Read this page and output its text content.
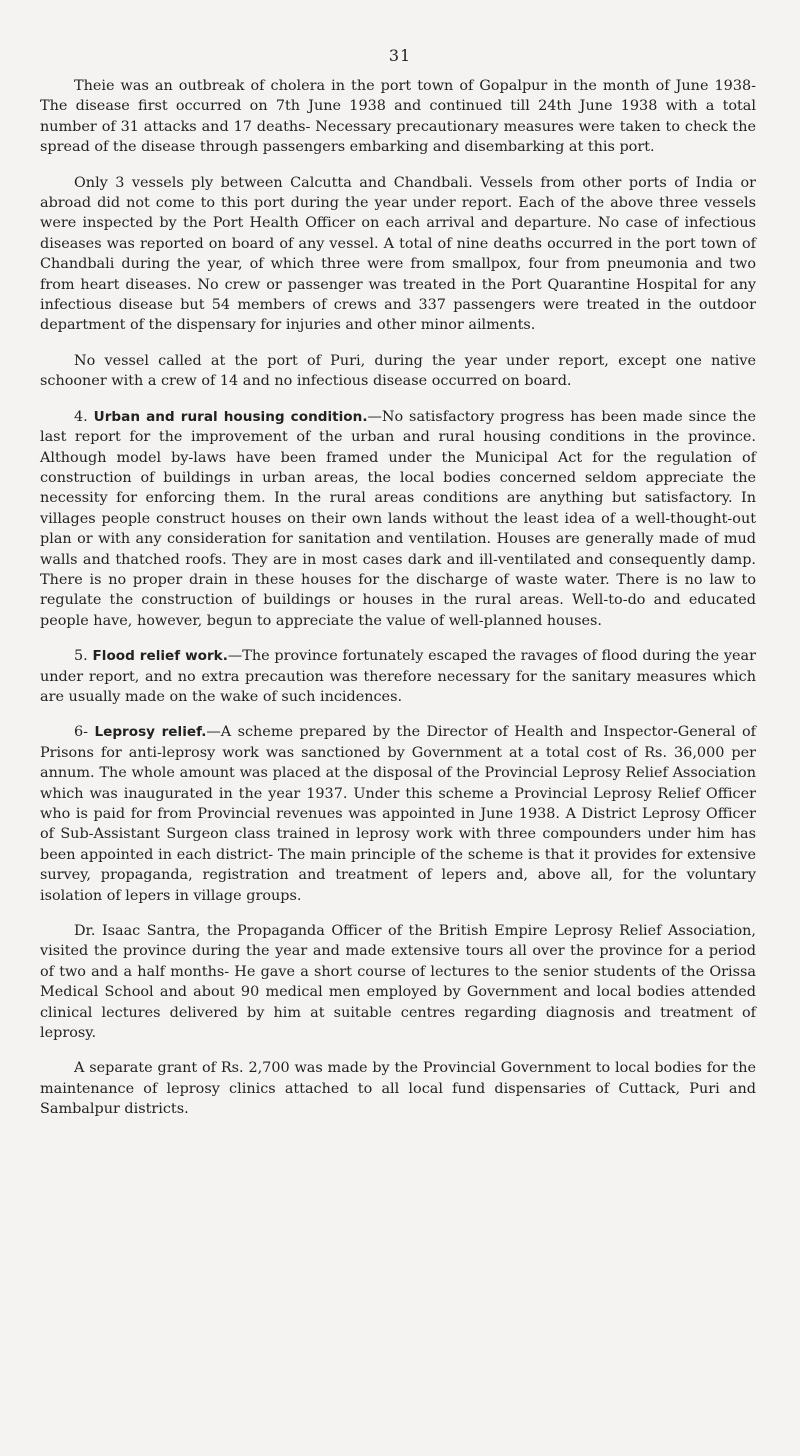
31

Theie was an outbreak of cholera in the port town of Gopalpur in the month of June 1938- The disease first occurred on 7th June 1938 and continued till 24th June 1938 with a total number of 31 attacks and 17 deaths- Necessary precautionary measures were taken to check the spread of the disease through passengers embarking and disembarking at this port.

Only 3 vessels ply between Calcutta and Chandbali. Vessels from other ports of India or abroad did not come to this port during the year under report. Each of the above three vessels were inspected by the Port Health Officer on each arrival and departure. No case of infectious diseases was reported on board of any vessel. A total of nine deaths occurred in the port town of Chandbali during the year, of which three were from smallpox, four from pneumonia and two from heart diseases. No crew or passenger was treated in the Port Quarantine Hospital for any infectious disease but 54 members of crews and 337 passengers were treated in the outdoor department of the dispensary for injuries and other minor ailments.

No vessel called at the port of Puri, during the year under report, except one native schooner with a crew of 14 and no infectious disease occurred on board.

4. Urban and rural housing condition.—No satisfactory progress has been made since the last report for the improvement of the urban and rural housing conditions in the province. Although model by-laws have been framed under the Municipal Act for the regulation of construction of buildings in urban areas, the local bodies concerned seldom appreciate the necessity for enforcing them. In the rural areas conditions are anything but satisfactory. In villages people construct houses on their own lands without the least idea of a well-thought-out plan or with any consideration for sanitation and ventilation. Houses are generally made of mud walls and thatched roofs. They are in most cases dark and ill-ventilated and consequently damp. There is no proper drain in these houses for the discharge of waste water. There is no law to regulate the construction of buildings or houses in the rural areas. Well-to-do and educated people have, however, begun to appreciate the value of well-planned houses.

5. Flood relief work.—The province fortunately escaped the ravages of flood during the year under report, and no extra precaution was therefore necessary for the sanitary measures which are usually made on the wake of such incidences.

6- Leprosy relief.—A scheme prepared by the Director of Health and Inspector-General of Prisons for anti-leprosy work was sanctioned by Government at a total cost of Rs. 36,000 per annum. The whole amount was placed at the disposal of the Provincial Leprosy Relief Association which was inaugurated in the year 1937. Under this scheme a Provincial Leprosy Relief Officer who is paid for from Provincial revenues was appointed in June 1938. A District Leprosy Officer of Sub-Assistant Surgeon class trained in leprosy work with three compounders under him has been appointed in each district- The main principle of the scheme is that it provides for extensive survey, propaganda, registration and treatment of lepers and, above all, for the voluntary isolation of lepers in village groups.

Dr. Isaac Santra, the Propaganda Officer of the British Empire Leprosy Relief Association, visited the province during the year and made extensive tours all over the province for a period of two and a half months- He gave a short course of lectures to the senior students of the Orissa Medical School and about 90 medical men employed by Government and local bodies attended clinical lectures delivered by him at suitable centres regarding diagnosis and treatment of leprosy.

A separate grant of Rs. 2,700 was made by the Provincial Government to local bodies for the maintenance of leprosy clinics attached to all local fund dispensaries of Cuttack, Puri and Sambalpur districts.
